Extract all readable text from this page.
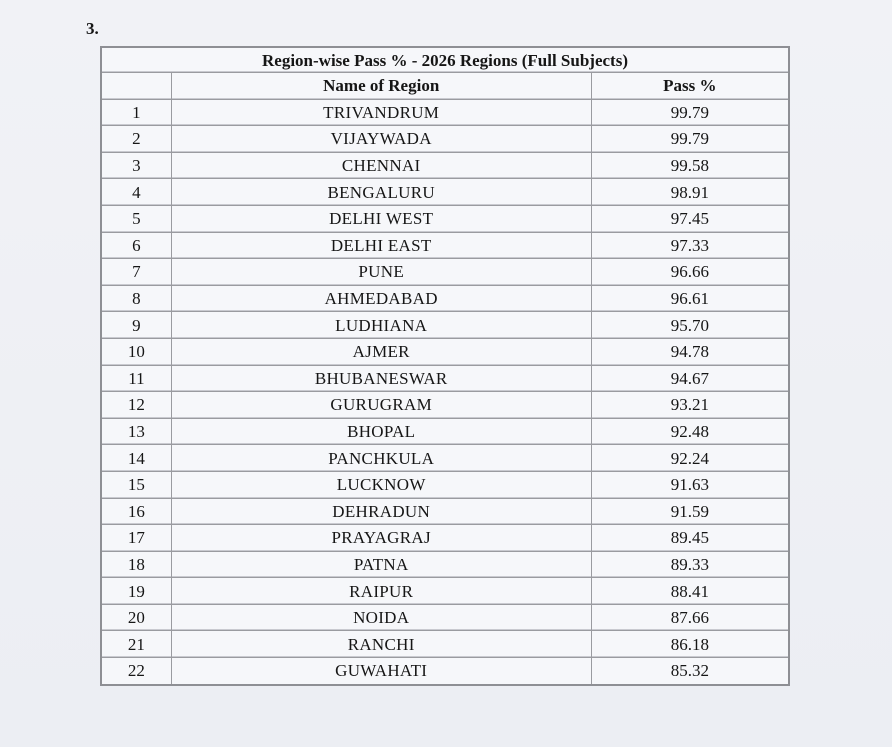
3.
Region-wise Pass % - 2026 Regions (Full Subjects)		
	Name of Region	Pass %
1	TRIVANDRUM	99.79
2	VIJAYWADA	99.79
3	CHENNAI	99.58
4	BENGALURU	98.91
5	DELHI WEST	97.45
6	DELHI EAST	97.33
7	PUNE	96.66
8	AHMEDABAD	96.61
9	LUDHIANA	95.70
10	AJMER	94.78
11	BHUBANESWAR	94.67
12	GURUGRAM	93.21
13	BHOPAL	92.48
14	PANCHKULA	92.24
15	LUCKNOW	91.63
16	DEHRADUN	91.59
17	PRAYAGRAJ	89.45
18	PATNA	89.33
19	RAIPUR	88.41
20	NOIDA	87.66
21	RANCHI	86.18
22	GUWAHATI	85.32
